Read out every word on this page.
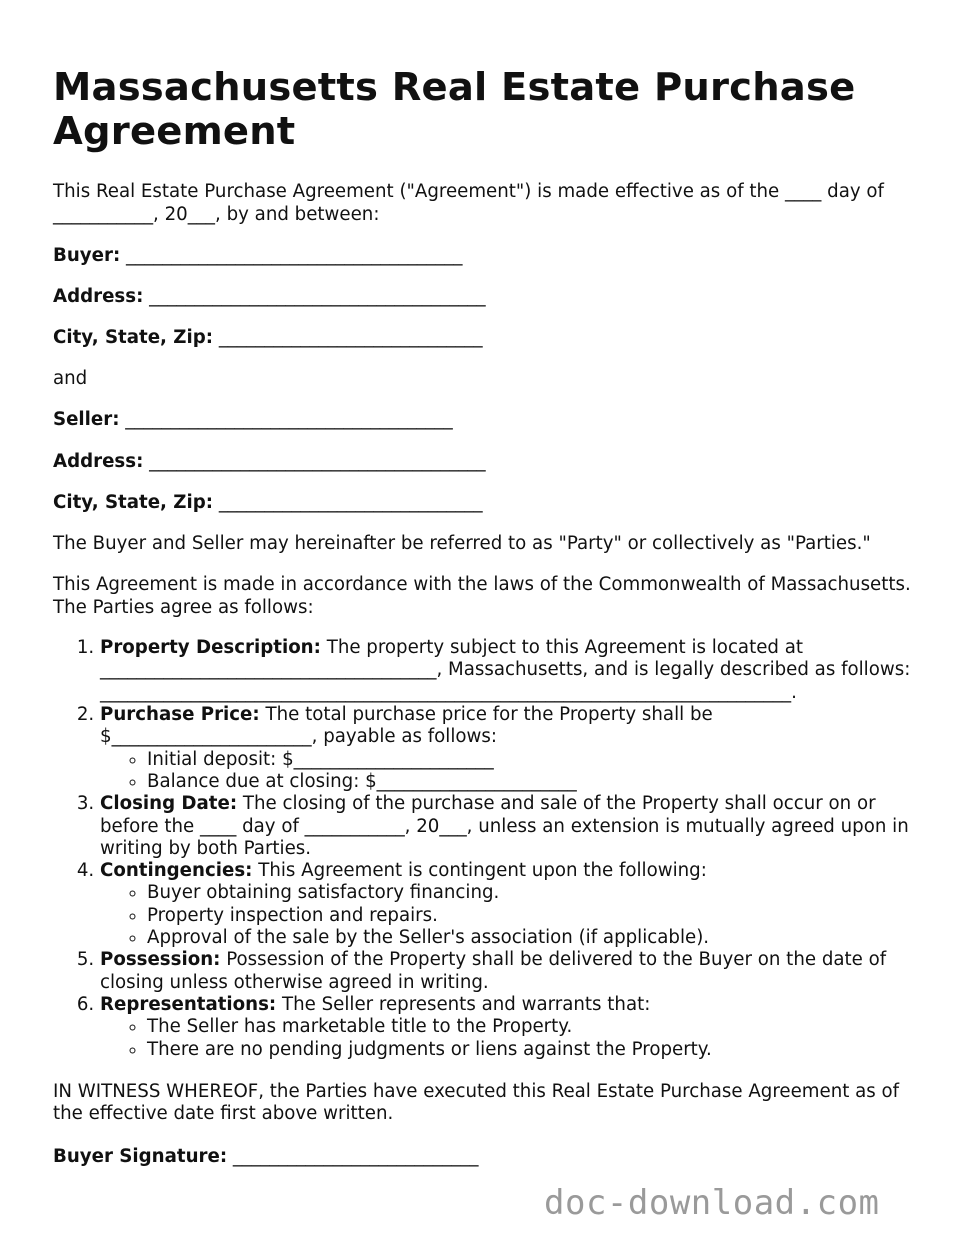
Massachusetts Real Estate Purchase Agreement

This Real Estate Purchase Agreement ("Agreement") is made effective as of the ____ day of ___________, 20___, by and between:

Buyer: _____________________________________

Address: _____________________________________

City, State, Zip: _____________________________

and

Seller: ____________________________________

Address: _____________________________________

City, State, Zip: _____________________________

The Buyer and Seller may hereinafter be referred to as "Party" or collectively as "Parties."

This Agreement is made in accordance with the laws of the Commonwealth of Massachusetts. The Parties agree as follows:

1. Property Description: The property subject to this Agreement is located at _____________________________________, Massachusetts, and is legally described as follows:
____________________________________________________________________________.
2. Purchase Price: The total purchase price for the Property shall be $______________________, payable as follows:
◦ Initial deposit: $______________________
◦ Balance due at closing: $______________________
3. Closing Date: The closing of the purchase and sale of the Property shall occur on or before the ____ day of ___________, 20___, unless an extension is mutually agreed upon in writing by both Parties.
4. Contingencies: This Agreement is contingent upon the following:
◦ Buyer obtaining satisfactory financing.
◦ Property inspection and repairs.
◦ Approval of the sale by the Seller's association (if applicable).
5. Possession: Possession of the Property shall be delivered to the Buyer on the date of closing unless otherwise agreed in writing.
6. Representations: The Seller represents and warrants that:
◦ The Seller has marketable title to the Property.
◦ There are no pending judgments or liens against the Property.

IN WITNESS WHEREOF, the Parties have executed this Real Estate Purchase Agreement as of the effective date first above written.

Buyer Signature: ___________________________

doc-download.com
